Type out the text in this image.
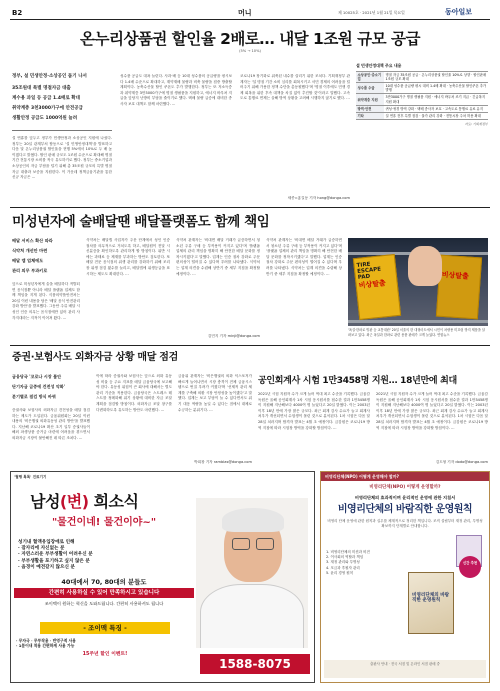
B2	머니	제 10025호 · 2021년 1월 21일 목요일	동아일보
온누리상품권 할인율 2배로… 내달 1조원 규모 공급
(5% → 10%)
정부, 설 민생안정·소상공인 돕기 나서
35조원대 특별 명절자금 대출
계수용 과일 등 공급 1.4배로 확대
취약계층 3천3000가구에 안전공급
생활안정 공급도 1000억원 늘려
설 연휴를 앞두고 정부가 민생안정과 소상공인 지원에 나섰다. 정부는 20일 관계부처 합동으로 '설 민생안정대책'을 발표하고 다음 달 온누리상품권 할인율을 현행 5%에서 10%로 두 배 높이겠다고 밝혔다. 할인 판매 규모도 1조원 수준으로 확대해 명절 기간 전통시장 소비를 적극 유도하기로 했다. 정부는 중소기업과 소상공인의 자금 부담을 덜기 위해 총 35조원 규모의 특별 명절자금 대출과 보증을 지원한다. 이 가운데 정책금융기관을 통한 신규 자금은 ...
성수품 공급도 대폭 늘린다. 사과·배 등 10대 성수품의 공급량을 평시보다 1.4배 수준으로 확대하고, 계약재배 물량과 비축 물량을 집중 방출할 계획이다. 농축수산물 할인 쿠폰도 추가 발행한다. 정부는 또 저소득층과 취약계층 3만3000가구에 명절 생필품을 지원하고, 에너지 바우처 지급을 앞당겨 난방비 부담을 줄이기로 했다. 택배 물량 급증에 대비한 종사자 보호 대책도 함께 마련했다. ...
코로나19 장기화로 위축된 내수를 살리기 위한 조치다. 기획재정부 관계자는 '설 명절 기간 소비 심리를 회복시키고 서민 경제의 어려움을 덜어주기 위해 가용한 정책 수단을 총동원했다'며 '명절 이후에도 민생 경제 회복을 위한 후속 대책을 차질 없이 추진할 것'이라고 말했다. 고속도로 통행료 면제는 올해 방역 상황을 고려해 시행하지 않기로 했다. ...
세종=홍길동 기자 hong@donga.com
설 민생안정대책 주요 내용
소상공인·중소기업	명절 자금 35조원 공급 · 온누리상품권 할인율 10%로 상향 · 할인판매 1조원 규모 확대
성수품 수급	10대 성수품 공급량 평시 대비 1.4배 확대 · 농축수산물 할인쿠폰 추가 발행
취약계층 지원	3만3000가구 명절 생필품 지원 · 에너지 바우처 조기 지급 · 긴급복지 지원 확대
방역·안전	귀성·귀경 방역 강화 · 택배 종사자 보호 · 고속도로 통행료 유료 유지
기타	설 연휴 전후 특별 점검 · 물가 관리 강화 · 전통시장 주차 허용 확대
자료: 기획재정부
미성년자에 술배달땐 배달플랫폼도 함께 책임
배달 서비스 확산 따라
식약처 개선안 마련
배달 앱 업체에도
관리 의무 부과키로
앞으로 미성년자에게 술을 배달하다 적발되면 음식점뿐 아니라 배달 플랫폼 업체도 함께 책임을 지게 된다. 식품의약품안전처는 20일 이런 내용을 담은 '배달 음식 안전관리 강화 방안'을 발표했다. 그동안 주류 배달 시 성인 인증 의무는 음식점에만 있어 관리 사각지대라는 지적이 이어져 왔다. ...
식약처는 배달앱 사업자가 주문 단계에서 성인 인증 절차를 의무적으로 거치도록 하고, 배달원이 전달 시 신분증을 확인하도록 관리하게 할 방침이다. 위반 시에는 과태료 등 제재를 부과하는 방안도 검토한다. 또 배달 전문 음식점의 위생 관리를 강화하기 위해 조리장 위생 점검 횟수를 늘리고, 배달앱에 위생등급을 표시하는 제도도 확대한다. ...
식약처 관계자는 '비대면 배달 거래가 급증하면서 청소년 주류 구매 등 부작용이 커지고 있다'며 '플랫폼 업체의 관리 책임을 명확히 해 안전한 배달 문화를 정착시키겠다'고 말했다. 업계는 인증 절차 강화로 주문 편의성이 떨어질 수 있다며 우려를 나타냈다. 식약처는 업계 의견을 수렴해 상반기 중 세부 지침을 확정할 예정이다. ...
김민지 기자 minji@donga.com
식약처 관계자는 '비대면 배달 거래가 급증하면서 청소년 주류 구매 등 부작용이 커지고 있다'며 '플랫폼 업체의 관리 책임을 명확히 해 안전한 배달 문화를 정착시키겠다'고 말했다. 업계는 인증 절차 강화로 주문 편의성이 떨어질 수 있다며 우려를 나타냈다. 식약처는 업계 의견을 수렴해 상반기 중 세부 지침을 확정할 예정이다. ...
TIRE ESCAPE PAD
비상탈출
비상탈출
'폭설·한파로 빙판 등 교통대란' 20일 서울의 한 대형마트에서 시민이 차량용 미끄럼 방지 제품을 살펴보고 있다. 최근 폭설과 한파로 관련 용품 판매가 크게 늘었다. 연합뉴스
증권·보험사도 외화자금 상황 매달 점검
금융당국 '코로나 시장 불안
단기자금 급증에 건전성 악화'
분기별로 점검 방식 바꿔
증권사와 보험사의 외화자금 건전성을 매달 점검하는 제도가 도입된다. 금융위원회는 20일 이런 내용의 '비은행권 외화유동성 관리 방안'을 발표했다. 지난해 코로나19 확산 초기 일부 증권사들이 해외 파생상품 증거금 마련에 어려움을 겪으면서 외화자금 시장이 불안해진 데 따른 조치다. ...
이에 따라 증권사와 보험사는 앞으로 외화 유동성 비율 등 주요 지표를 매달 금융당국에 보고해야 한다. 유동성 위험이 큰 회사에 대해서는 별도 관리 기준을 적용한다. 금융당국은 스트레스 테스트를 정례화해 위기 상황에 대비한 자금 조달 계획을 점검할 방침이다. 외화자금 조달 창구를 다변화하도록 유도하는 방안도 마련했다. ...
금융위 관계자는 '비은행권의 외화 익스포저가 빠르게 늘어나면서 시장 충격이 전체 금융시스템으로 번질 우려가 커졌다'며 '선제적 관리 체계를 구축해 외환 시장 안정성을 높이겠다'고 말했다. 업계는 보고 부담이 늘 수 있다면서도 위기 대응 역량을 높일 수 있다는 점에서 대체로 수긍하는 분위기다. ...
박희창 기자 ramblas@donga.com
공인회계사 시험 1만3458명 지원… 18년만에 최대
2021년 시험 지원자 수가 크게 늘어 역대 최고 수준을 기록했다. 금융감독원은 올해 공인회계사 1차 시험 응시원서를 접수한 결과 1만3458명이 지원해 지난해보다 4000여 명 늘었다고 20일 밝혔다. 이는 2003년 이후 18년 만에 가장 많은 규모다. 최근 회계 감사 수요가 늘고 회계사 처우가 개선되면서 수험생이 몰린 것으로 분석된다. 1차 시험은 다음 달 28일 치러지며 합격자 발표는 4월 초 예정이다. 금감원은 코로나19 방역 지침에 따라 시험장 방역을 강화할 방침이다. ...
2021년 시험 지원자 수가 크게 늘어 역대 최고 수준을 기록했다. 금융감독원은 올해 공인회계사 1차 시험 응시원서를 접수한 결과 1만3458명이 지원해 지난해보다 4000여 명 늘었다고 20일 밝혔다. 이는 2003년 이후 18년 만에 가장 많은 규모다. 최근 회계 감사 수요가 늘고 회계사 처우가 개선되면서 수험생이 몰린 것으로 분석된다. 1차 시험은 다음 달 28일 치러지며 합격자 발표는 4월 초 예정이다. 금감원은 코로나19 방역 지침에 따라 시험장 방역을 강화할 방침이다. ...
김도형 기자 dodo@donga.com
'혈행 톡톡' 진료기기
남성(변) 희소식
"물건이네! 물건이야~"
성기내 혈액유입장애로 인해
· 잠자리에 자신없는 분
· 자연스러운 부부생활이 어려우신 분
· 부부생활을 포기하고 싶지 않은 분
· 음경이 예전같지 않으신 분
40대에서 70, 80대의 분들도
간편히 사용하실 수 있어 만족하시고 있습니다
조이맥이 원하는 혁신을 도와드립니다. 간편히 사용하셔도 됩니다
- 조이맥 특징 -
· 무자극 · 무부작용 · 반영구적 사용
· 1분이내 착용 간편하게 사용 가능
15주년 할인 이벤트!
1588-8075
비영리단체(NPO) 어떻게 운영해야 할까?
비영리단체(NPO) 어떻게 운영할까?
비영리단체의 효과적이며 윤리적인 운영에 관한 지침서
비영리단체의 바람직한 운영원칙
비영리 단체 운영에 관한 원칙과 실무를 체계적으로 정리한 책입니다. 조직 설립부터 재정 관리, 투명성 확보까지 단계별로 안내합니다.
1. 비영리단체의 미션과 비전
2. 이사회의 역할과 책임
3. 재정 관리와 투명성
4. 모금과 후원자 관리
5. 윤리 경영 원칙
신간 추천
비영리단체의 바람직한 운영원칙
출판사 안내 · 전국 서점 및 온라인 서점 판매 중
